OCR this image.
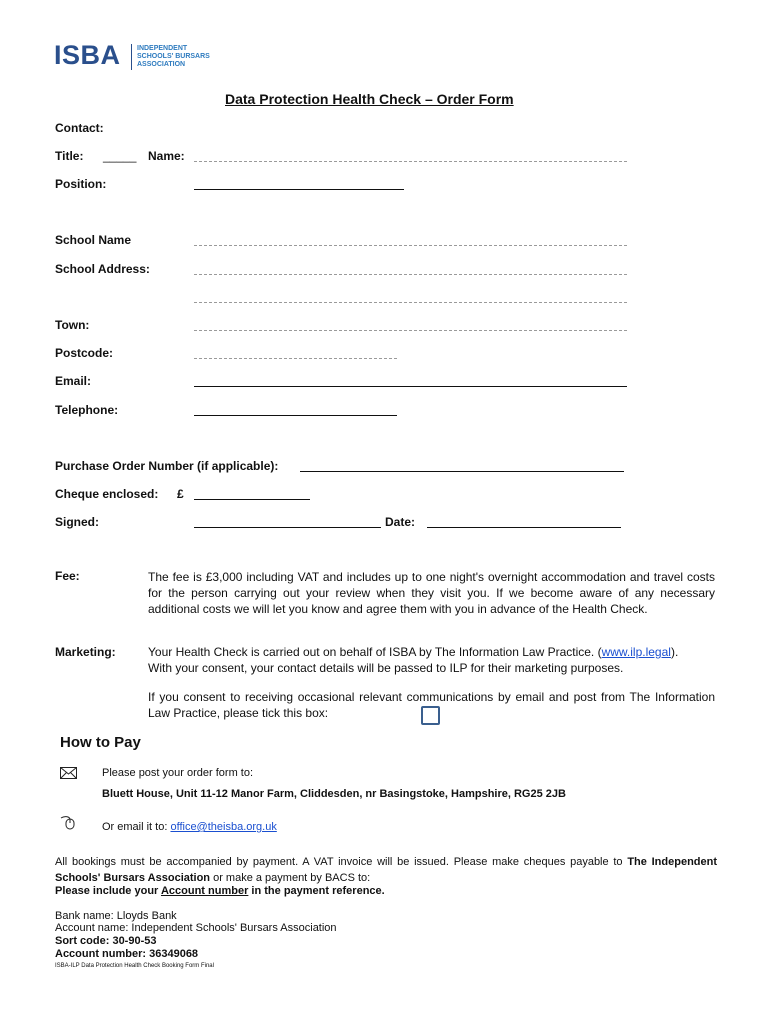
ISBA INDEPENDENT
SCHOOLS' BURSARS
ASSOCIATION
Data Protection Health Check – Order Form
Contact:
Title: _____ Name:
Position:
School Name
School Address:
Town:
Postcode:
Email:
Telephone:
Purchase Order Number (if applicable):
Cheque enclosed: £
Signed:	Date:
Fee:	The fee is £3,000 including VAT and includes up to one night's overnight accommodation and travel costs for the person carrying out your review when they visit you. If we become aware of any necessary additional costs we will let you know and agree them with you in advance of the Health Check.
Marketing:	Your Health Check is carried out on behalf of ISBA by The Information Law Practice. (www.ilp.legal).
With your consent, your contact details will be passed to ILP for their marketing purposes.
If you consent to receiving occasional relevant communications by email and post from The Information Law Practice, please tick this box:
How to Pay
Please post your order form to:
Bluett House, Unit 11-12 Manor Farm, Cliddesden, nr Basingstoke, Hampshire, RG25 2JB
Or email it to: office@theisba.org.uk
All bookings must be accompanied by payment. A VAT invoice will be issued. Please make cheques payable to The Independent Schools' Bursars Association or make a payment by BACS to:
Please include your Account number in the payment reference.
Bank name: Lloyds Bank
Account name: Independent Schools' Bursars Association
Sort code: 30-90-53
Account number: 36349068
ISBA-ILP Data Protection Health Check Booking Form Final
